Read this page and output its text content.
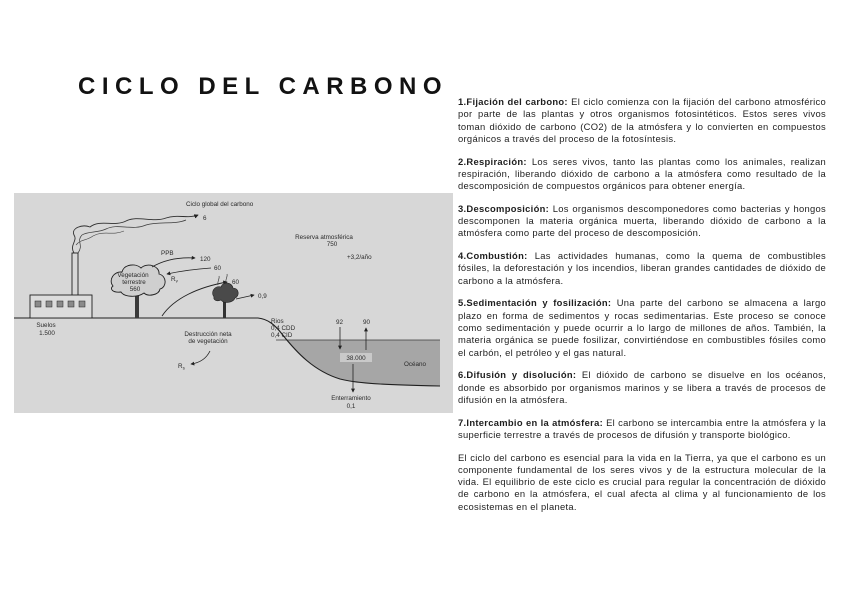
CICLO DEL CARBONO
Ciclo global del carbono
6
Reserva atmosférica
750
+3,2/año
Vegetación
terrestre
560
PPB
120
60
$R_v$	60
0,9
Suelos
1.500	Destrucción neta
de vegetación
$R_s$
Rios
0,4 CDD
0,4 CID
92	90
38.000
Océano
Enterramiento
0,1

1.Fijación del carbono: El ciclo comienza con la fijación del carbono atmosférico por parte de las plantas y otros organismos fotosintéticos. Estos seres vivos toman dióxido de carbono (CO2) de la atmósfera y lo convierten en compuestos orgánicos a través del proceso de la fotosíntesis.

2.Respiración: Los seres vivos, tanto las plantas como los animales, realizan respiración, liberando dióxido de carbono a la atmósfera como resultado de la descomposición de compuestos orgánicos para obtener energía.

3.Descomposición: Los organismos descomponedores como bacterias y hongos descomponen la materia orgánica muerta, liberando dióxido de carbono a la atmósfera como parte del proceso de descomposición.

4.Combustión: Las actividades humanas, como la quema de combustibles fósiles, la deforestación y los incendios, liberan grandes cantidades de dióxido de carbono a la atmósfera.

5.Sedimentación y fosilización: Una parte del carbono se almacena a largo plazo en forma de sedimentos y rocas sedimentarias. Este proceso se conoce como sedimentación y puede ocurrir a lo largo de millones de años. También, la materia orgánica se puede fosilizar, convirtiéndose en combustibles fósiles como el carbón, el petróleo y el gas natural.

6.Difusión y disolución: El dióxido de carbono se disuelve en los océanos, donde es absorbido por organismos marinos y se libera a través de procesos de difusión en la atmósfera.

7.Intercambio en la atmósfera: El carbono se intercambia entre la atmósfera y la superficie terrestre a través de procesos de difusión y transporte biológico.

El ciclo del carbono es esencial para la vida en la Tierra, ya que el carbono es un componente fundamental de los seres vivos y de la estructura molecular de la vida. El equilibrio de este ciclo es crucial para regular la concentración de dióxido de carbono en la atmósfera, el cual afecta al clima y al funcionamiento de los ecosistemas en el planeta.
